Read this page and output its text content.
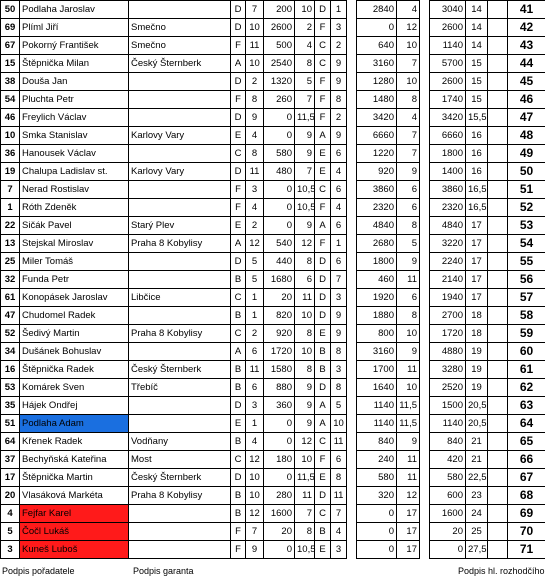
50	Podlaha Jaroslav		D	7	200	10	D	1		2840	4		3040	14		41
69	Plíml Jiří	Smečno	D	10	2600	2	F	3		0	12		2600	14		42
67	Pokorný František	Smečno	F	11	500	4	C	2		640	10		1140	14		43
15	Štěpnička Milan	Český Šternberk	A	10	2540	8	C	9		3160	7		5700	15		44
38	Douša Jan		D	2	1320	5	F	9		1280	10		2600	15		45
54	Pluchta Petr		F	8	260	7	F	8		1480	8		1740	15		46
46	Freylich Václav		D	9	0	11,5	F	2		3420	4		3420	15,5		47
10	Smka Stanislav	Karlovy Vary	E	4	0	9	A	9		6660	7		6660	16		48
36	Hanousek Václav		C	8	580	9	E	6		1220	7		1800	16		49
19	Chalupa Ladislav st.	Karlovy Vary	D	11	480	7	E	4		920	9		1400	16		50
7	Nerad Rostislav		F	3	0	10,5	C	6		3860	6		3860	16,5		51
1	Róth Zdeněk		F	4	0	10,5	F	4		2320	6		2320	16,5		52
22	Sičák Pavel	Starý Plev	E	2	0	9	A	6		4840	8		4840	17		53
13	Stejskal Miroslav	Praha 8 Kobylisy	A	12	540	12	F	1		2680	5		3220	17		54
25	Miler Tomáš		D	5	440	8	D	6		1800	9		2240	17		55
32	Funda Petr		B	5	1680	6	D	7		460	11		2140	17		56
61	Konopásek Jaroslav	Libčice	C	1	20	11	D	3		1920	6		1940	17		57
47	Chudomel Radek		B	1	820	10	D	9		1880	8		2700	18		58
52	Šedivý Martin	Praha 8 Kobylisy	C	2	920	8	E	9		800	10		1720	18		59
34	Dušánek Bohuslav		A	6	1720	10	B	8		3160	9		4880	19		60
16	Štěpnička Radek	Český Šternberk	B	11	1580	8	B	3		1700	11		3280	19		61
53	Komárek Sven	Třebíč	B	6	880	9	D	8		1640	10		2520	19		62
35	Hájek Ondřej		D	3	360	9	A	5		1140	11,5		1500	20,5		63
51	Podlaha Adam		E	1	0	9	A	10		1140	11,5		1140	20,5		64
64	Křenek Radek	Vodňany	B	4	0	12	C	11		840	9		840	21		65
37	Bechyňská Kateřina	Most	C	12	180	10	F	6		240	11		420	21		66
17	Štěpnička Martin	Český Šternberk	D	10	0	11,5	E	8		580	11		580	22,5		67
20	Vlasáková Markéta	Praha 8 Kobylisy	B	10	280	11	D	11		320	12		600	23		68
4	Fejfar Karel		B	12	1600	7	C	7		0	17		1600	24		69
5	Čočl Lukáš		F	7	20	8	B	4		0	17		20	25		70
3	Kuneš Luboš		F	9	0	10,5	E	3		0	17		0	27,5		71
Podpis pořadatele	Podpis garanta	Podpis hl. rozhodčího
